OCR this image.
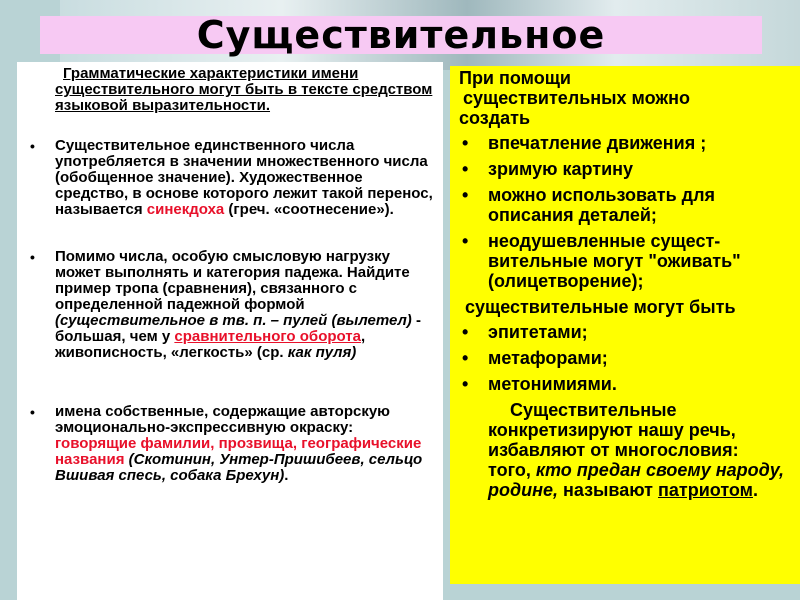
Существительное

Грамматические характеристики имени существительного могут быть в тексте средством языковой выразительности.

• Существительное единственного числа употребляется в значении множественного числа (обобщенное значение). Художественное средство, в основе которого лежит такой перенос, называется синекдоха (греч. «соотнесение»).
• Помимо числа, особую смысловую нагрузку может выполнять и категория падежа. Найдите пример тропа (сравнения), связанного с определенной падежной формой (существительное в тв. п. – пулей (вылетел) - большая, чем у сравнительного оборота, живописность, «легкость» (ср. как пуля)
• имена собственные, содержащие авторскую эмоционально-экспрессивную окраску: говорящие фамилии, прозвища, географические названия (Скотинин, Унтер-Пришибеев, сельцо Вшивая спесь, собака Брехун).
При помощи
существительных можно
создать
• впечатление движения ;
• зримую картину
• можно использовать для описания деталей;
• неодушевленные сущест-вительные могут "оживать" (олицетворение);
существительные могут быть
• эпитетами;
• метафорами;
• метонимиями.
Существительные конкретизируют нашу речь, избавляют от многословия: того, кто предан своему народу, родине, называют патриотом.
